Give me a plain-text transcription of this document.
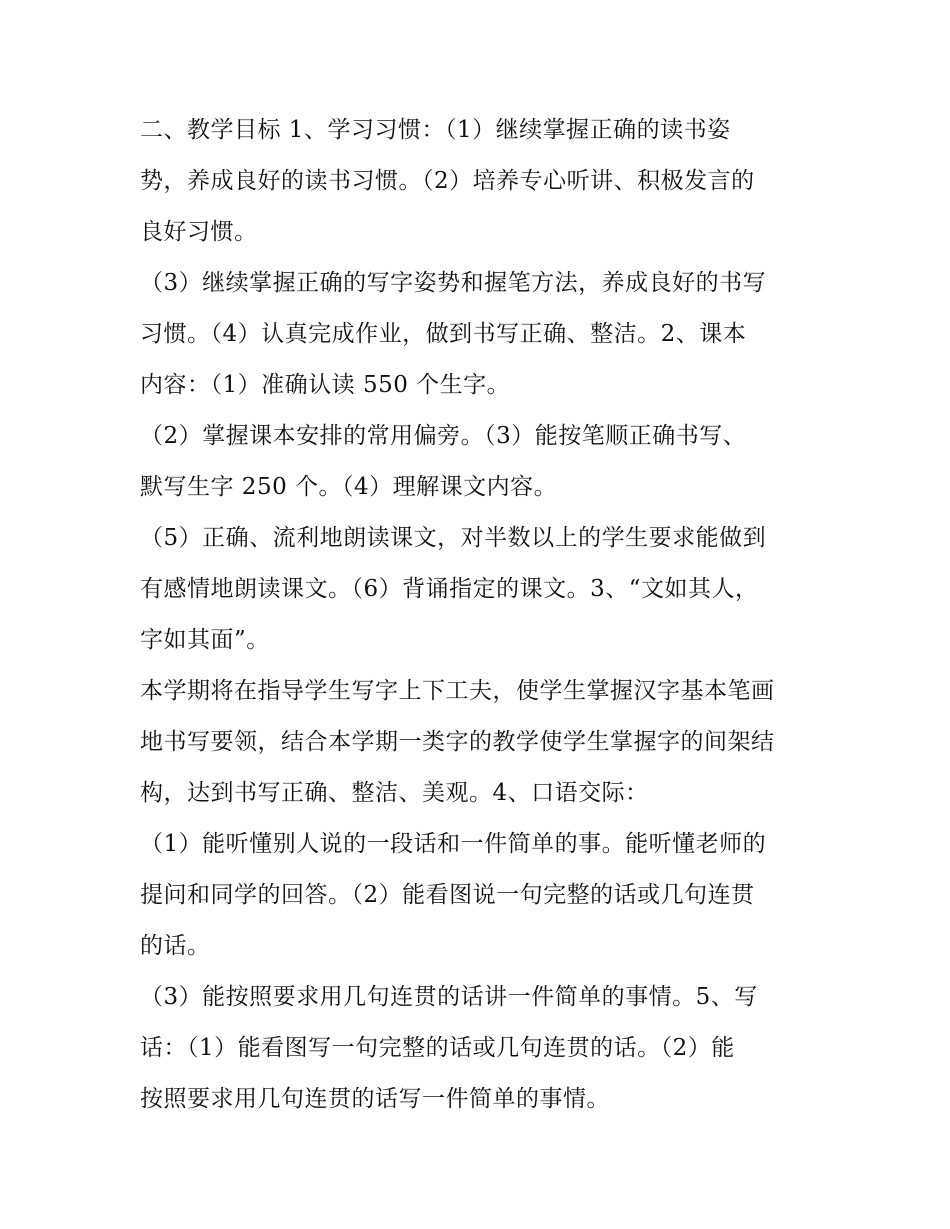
二、教学目标 1、学习习惯：（1）继续掌握正确的读书姿
势，养成良好的读书习惯。（2）培养专心听讲、积极发言的
良好习惯。

（3）继续掌握正确的写字姿势和握笔方法，养成良好的书写
习惯。（4）认真完成作业，做到书写正确、整洁。2、课本
内容：（1）准确认读 550 个生字。

（2）掌握课本安排的常用偏旁。（3）能按笔顺正确书写、
默写生字 250 个。（4）理解课文内容。

（5）正确、流利地朗读课文，对半数以上的学生要求能做到
有感情地朗读课文。（6）背诵指定的课文。3、“文如其人，
字如其面”。

本学期将在指导学生写字上下工夫，使学生掌握汉字基本笔画
地书写要领，结合本学期一类字的教学使学生掌握字的间架结
构，达到书写正确、整洁、美观。4、口语交际：

（1）能听懂别人说的一段话和一件简单的事。能听懂老师的
提问和同学的回答。（2）能看图说一句完整的话或几句连贯
的话。

（3）能按照要求用几句连贯的话讲一件简单的事情。5、写
话：（1）能看图写一句完整的话或几句连贯的话。（2）能
按照要求用几句连贯的话写一件简单的事情。
